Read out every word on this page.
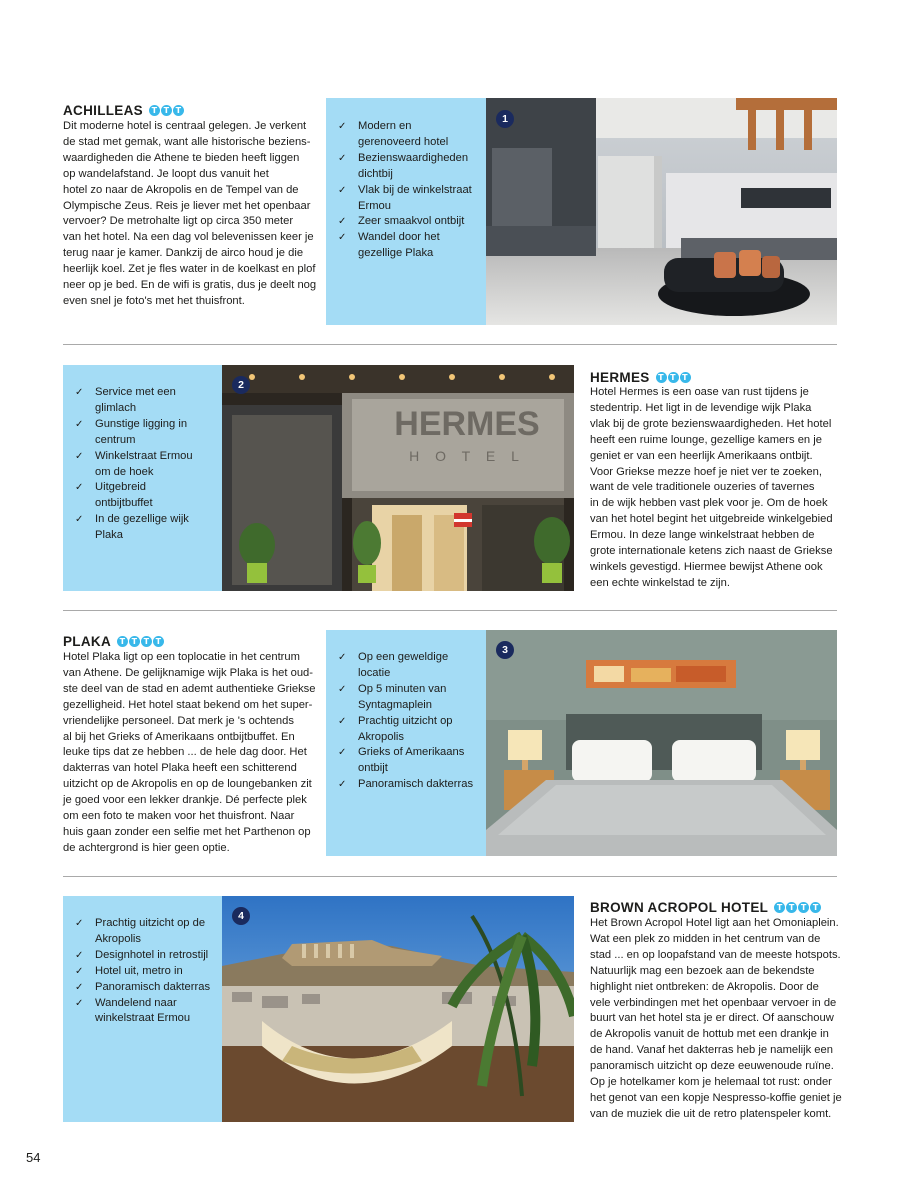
ACHILLEAS	T T T
Dit moderne hotel is centraal gelegen. Je verkent
de stad met gemak, want alle historische beziens-
waardigheden die Athene te bieden heeft liggen
op wandelafstand. Je loopt dus vanuit het
hotel zo naar de Akropolis en de Tempel van de
Olympische Zeus. Reis je liever met het openbaar
vervoer? De metrohalte ligt op circa 350 meter
van het hotel. Na een dag vol belevenissen keer je
terug naar je kamer. Dankzij de airco houd je die
heerlijk koel. Zet je fles water in de koelkast en plof
neer op je bed. En de wifi is gratis, dus je deelt nog
even snel je foto's met het thuisfront.
✓	Modern en
gerenoveerd hotel
✓	Bezienswaardigheden
dichtbij
✓	Vlak bij de winkelstraat
Ermou
✓	Zeer smaakvol ontbijt
✓	Wandel door het
gezellige Plaka
1
✓	Service met een
glimlach
✓	Gunstige ligging in
centrum
✓	Winkelstraat Ermou
om de hoek
✓	Uitgebreid
ontbijtbuffet
✓	In de gezellige wijk
Plaka
HERMES
H O T E L
2
HERMES	T T T
Hotel Hermes is een oase van rust tijdens je
stedentrip. Het ligt in de levendige wijk Plaka
vlak bij de grote bezienswaardigheden. Het hotel
heeft een ruime lounge, gezellige kamers en je
geniet er van een heerlijk Amerikaans ontbijt.
Voor Griekse mezze hoef je niet ver te zoeken,
want de vele traditionele ouzeries of tavernes
in de wijk hebben vast plek voor je. Om de hoek
van het hotel begint het uitgebreide winkelgebied
Ermou. In deze lange winkelstraat hebben de
grote internationale ketens zich naast de Griekse
winkels gevestigd. Hiermee bewijst Athene ook
een echte winkelstad te zijn.
PLAKA	T T T T
Hotel Plaka ligt op een toplocatie in het centrum
van Athene. De gelijknamige wijk Plaka is het oud-
ste deel van de stad en ademt authentieke Griekse
gezelligheid. Het hotel staat bekend om het super-
vriendelijke personeel. Dat merk je 's ochtends
al bij het Grieks of Amerikaans ontbijtbuffet. En
leuke tips dat ze hebben ... de hele dag door. Het
dakterras van hotel Plaka heeft een schitterend
uitzicht op de Akropolis en op de loungebanken zit
je goed voor een lekker drankje. Dé perfecte plek
om een foto te maken voor het thuisfront. Naar
huis gaan zonder een selfie met het Parthenon op
de achtergrond is hier geen optie.
✓	Op een geweldige
locatie
✓	Op 5 minuten van
Syntagmaplein
✓	Prachtig uitzicht op
Akropolis
✓	Grieks of Amerikaans
ontbijt
✓	Panoramisch dakterras
3
✓	Prachtig uitzicht op de
Akropolis
✓	Designhotel in retrostijl
✓	Hotel uit, metro in
✓	Panoramisch dakterras
✓	Wandelend naar
winkelstraat Ermou
4
BROWN ACROPOL HOTEL	T T T T
Het Brown Acropol Hotel ligt aan het Omoniaplein.
Wat een plek zo midden in het centrum van de
stad ... en op loopafstand van de meeste hotspots.
Natuurlijk mag een bezoek aan de bekendste
highlight niet ontbreken: de Akropolis. Door de
vele verbindingen met het openbaar vervoer in de
buurt van het hotel sta je er direct. Of aanschouw
de Akropolis vanuit de hottub met een drankje in
de hand. Vanaf het dakterras heb je namelijk een
panoramisch uitzicht op deze eeuwenoude ruïne.
Op je hotelkamer kom je helemaal tot rust: onder
het genot van een kopje Nespresso-koffie geniet je
van de muziek die uit de retro platenspeler komt.
54
